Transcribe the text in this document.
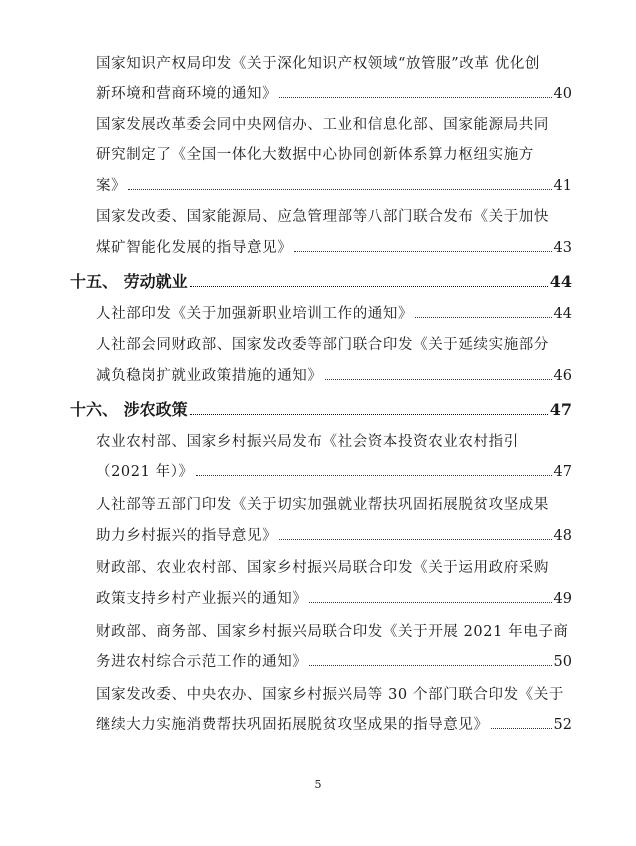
国家知识产权局印发《关于深化知识产权领域“放管服”改革 优化创
新环境和营商环境的通知》	40
国家发展改革委会同中央网信办、工业和信息化部、国家能源局共同
研究制定了《全国一体化大数据中心协同创新体系算力枢纽实施方
案》	41
国家发改委、国家能源局、应急管理部等八部门联合发布《关于加快
煤矿智能化发展的指导意见》	43
十五、 劳动就业	44
人社部印发《关于加强新职业培训工作的通知》	44
人社部会同财政部、国家发改委等部门联合印发《关于延续实施部分
减负稳岗扩就业政策措施的通知》	46
十六、 涉农政策	47
农业农村部、国家乡村振兴局发布《社会资本投资农业农村指引
（2021 年）》	47
人社部等五部门印发《关于切实加强就业帮扶巩固拓展脱贫攻坚成果
助力乡村振兴的指导意见》	48
财政部、农业农村部、国家乡村振兴局联合印发《关于运用政府采购
政策支持乡村产业振兴的通知》	49
财政部、商务部、国家乡村振兴局联合印发《关于开展 2021 年电子商
务进农村综合示范工作的通知》	50
国家发改委、中央农办、国家乡村振兴局等 30 个部门联合印发《关于
继续大力实施消费帮扶巩固拓展脱贫攻坚成果的指导意见》	52
5
